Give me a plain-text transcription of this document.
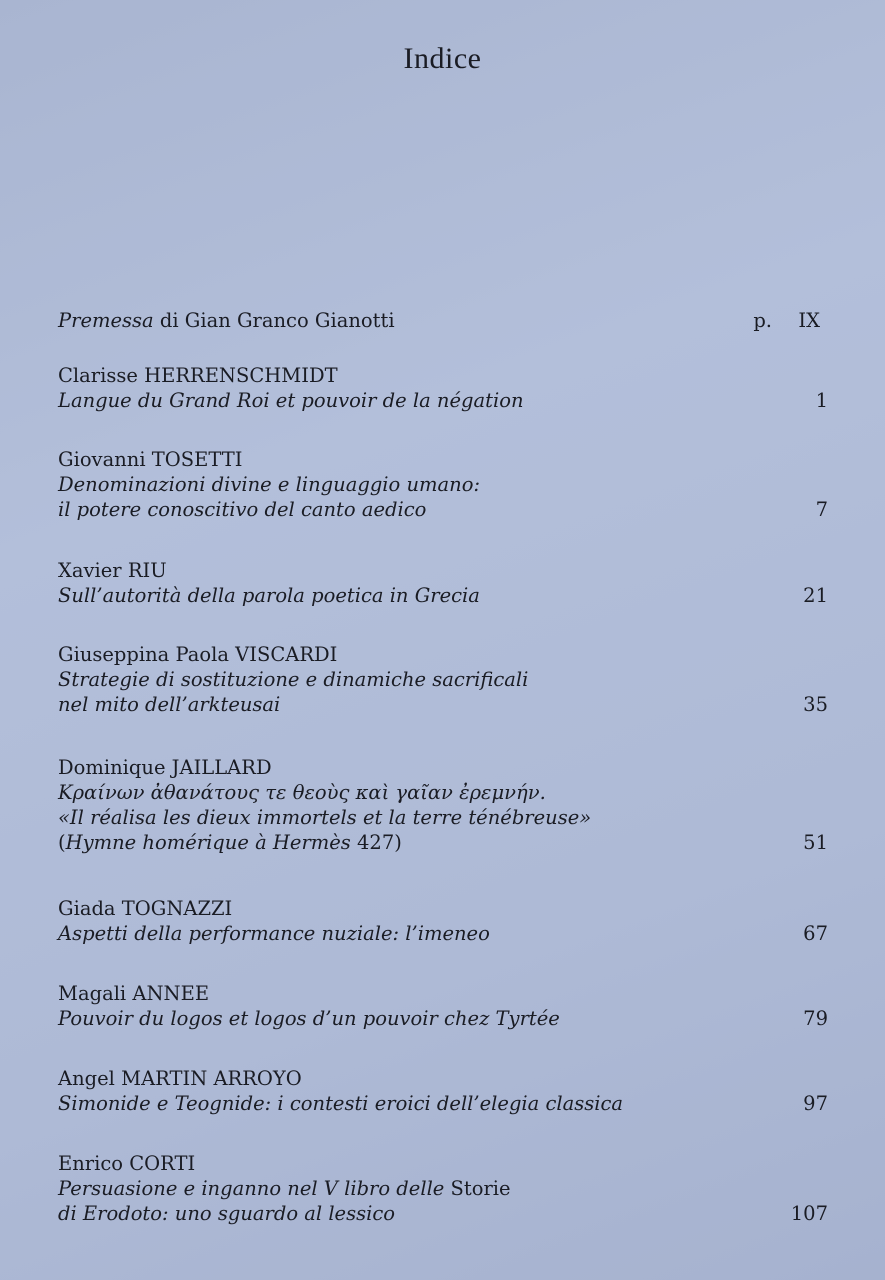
Indice
Premessa di Gian Granco Gianotti	p. IX
Clarisse HERRENSCHMIDT
Langue du Grand Roi et pouvoir de la négation	1
Giovanni TOSETTI
Denominazioni divine e linguaggio umano:
il potere conoscitivo del canto aedico	7
Xavier RIU
Sull’autorità della parola poetica in Grecia	21
Giuseppina Paola VISCARDI
Strategie di sostituzione e dinamiche sacrificali
nel mito dell’arkteusai	35
Dominique JAILLARD
Κραίνων ἀθανάτους τε θεοὺς καὶ γαῖαν ἐρεμνήν.
«Il réalisa les dieux immortels et la terre ténébreuse»
(Hymne homérique à Hermès 427)	51
Giada TOGNAZZI
Aspetti della performance nuziale: l’imeneo	67
Magali ANNEE
Pouvoir du logos et logos d’un pouvoir chez Tyrtée	79
Angel MARTIN ARROYO
Simonide e Teognide: i contesti eroici dell’elegia classica	97
Enrico CORTI
Persuasione e inganno nel V libro delle Storie
di Erodoto: uno sguardo al lessico	107
